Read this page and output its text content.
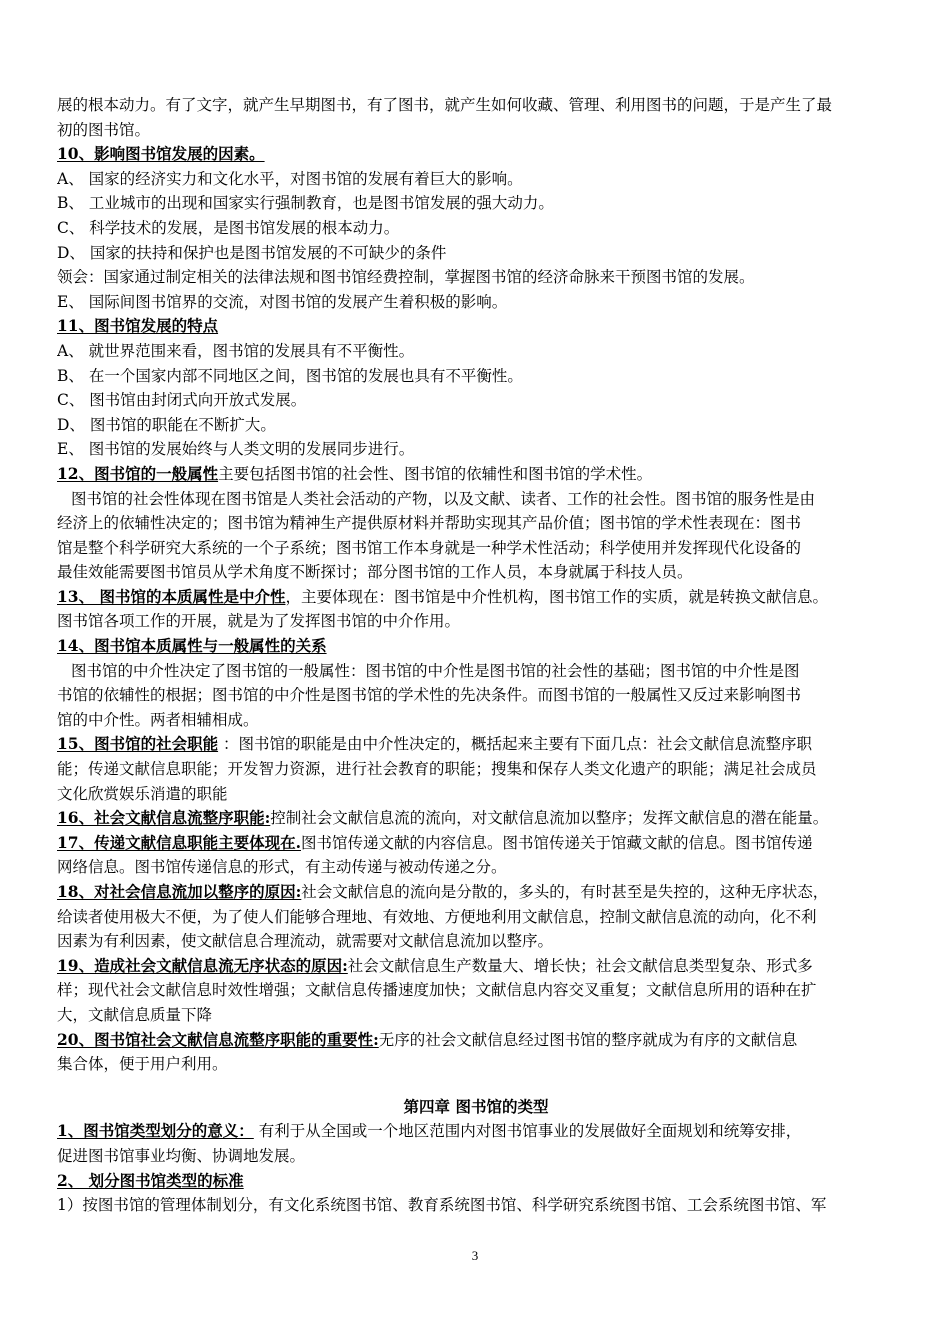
展的根本动力。有了文字，就产生早期图书，有了图书，就产生如何收藏、管理、利用图书的问题，于是产生了最
初的图书馆。
10、影响图书馆发展的因素。
A、 国家的经济实力和文化水平，对图书馆的发展有着巨大的影响。
B、 工业城市的出现和国家实行强制教育，也是图书馆发展的强大动力。
C、 科学技术的发展，是图书馆发展的根本动力。
D、 国家的扶持和保护也是图书馆发展的不可缺少的条件
领会：国家通过制定相关的法律法规和图书馆经费控制，掌握图书馆的经济命脉来干预图书馆的发展。
E、 国际间图书馆界的交流，对图书馆的发展产生着积极的影响。
11、图书馆发展的特点
A、 就世界范围来看，图书馆的发展具有不平衡性。
B、 在一个国家内部不同地区之间，图书馆的发展也具有不平衡性。
C、 图书馆由封闭式向开放式发展。
D、 图书馆的职能在不断扩大。
E、 图书馆的发展始终与人类文明的发展同步进行。
12、图书馆的一般属性主要包括图书馆的社会性、图书馆的依辅性和图书馆的学术性。
图书馆的社会性体现在图书馆是人类社会活动的产物，以及文献、读者、工作的社会性。图书馆的服务性是由
经济上的依辅性决定的；图书馆为精神生产提供原材料并帮助实现其产品价值；图书馆的学术性表现在：图书
馆是整个科学研究大系统的一个子系统；图书馆工作本身就是一种学术性活动；科学使用并发挥现代化设备的
最佳效能需要图书馆员从学术角度不断探讨；部分图书馆的工作人员，本身就属于科技人员。
13、 图书馆的本质属性是中介性，主要体现在：图书馆是中介性机构，图书馆工作的实质，就是转换文献信息。
图书馆各项工作的开展，就是为了发挥图书馆的中介作用。
14、图书馆本质属性与一般属性的关系
图书馆的中介性决定了图书馆的一般属性：图书馆的中介性是图书馆的社会性的基础；图书馆的中介性是图
书馆的依辅性的根据；图书馆的中介性是图书馆的学术性的先决条件。而图书馆的一般属性又反过来影响图书
馆的中介性。两者相辅相成。
15、图书馆的社会职能 ：图书馆的职能是由中介性决定的，概括起来主要有下面几点：社会文献信息流整序职
能；传递文献信息职能；开发智力资源，进行社会教育的职能；搜集和保存人类文化遗产的职能；满足社会成员
文化欣赏娱乐消遣的职能
16、社会文献信息流整序职能:控制社会文献信息流的流向，对文献信息流加以整序；发挥文献信息的潜在能量。
17、传递文献信息职能主要体现在.图书馆传递文献的内容信息。图书馆传递关于馆藏文献的信息。图书馆传递
网络信息。图书馆传递信息的形式，有主动传递与被动传递之分。
18、对社会信息流加以整序的原因:社会文献信息的流向是分散的，多头的，有时甚至是失控的，这种无序状态，
给读者使用极大不便，为了使人们能够合理地、有效地、方便地利用文献信息，控制文献信息流的动向，化不利
因素为有利因素，使文献信息合理流动，就需要对文献信息流加以整序。
19、造成社会文献信息流无序状态的原因:社会文献信息生产数量大、增长快；社会文献信息类型复杂、形式多
样；现代社会文献信息时效性增强；文献信息传播速度加快；文献信息内容交叉重复；文献信息所用的语种在扩
大，文献信息质量下降
20、图书馆社会文献信息流整序职能的重要性:无序的社会文献信息经过图书馆的整序就成为有序的文献信息
集合体，便于用户利用。
第四章 图书馆的类型
1、图书馆类型划分的意义： 有利于从全国或一个地区范围内对图书馆事业的发展做好全面规划和统筹安排，
促进图书馆事业均衡、协调地发展。
2、 划分图书馆类型的标准
1）按图书馆的管理体制划分，有文化系统图书馆、教育系统图书馆、科学研究系统图书馆、工会系统图书馆、军
3
